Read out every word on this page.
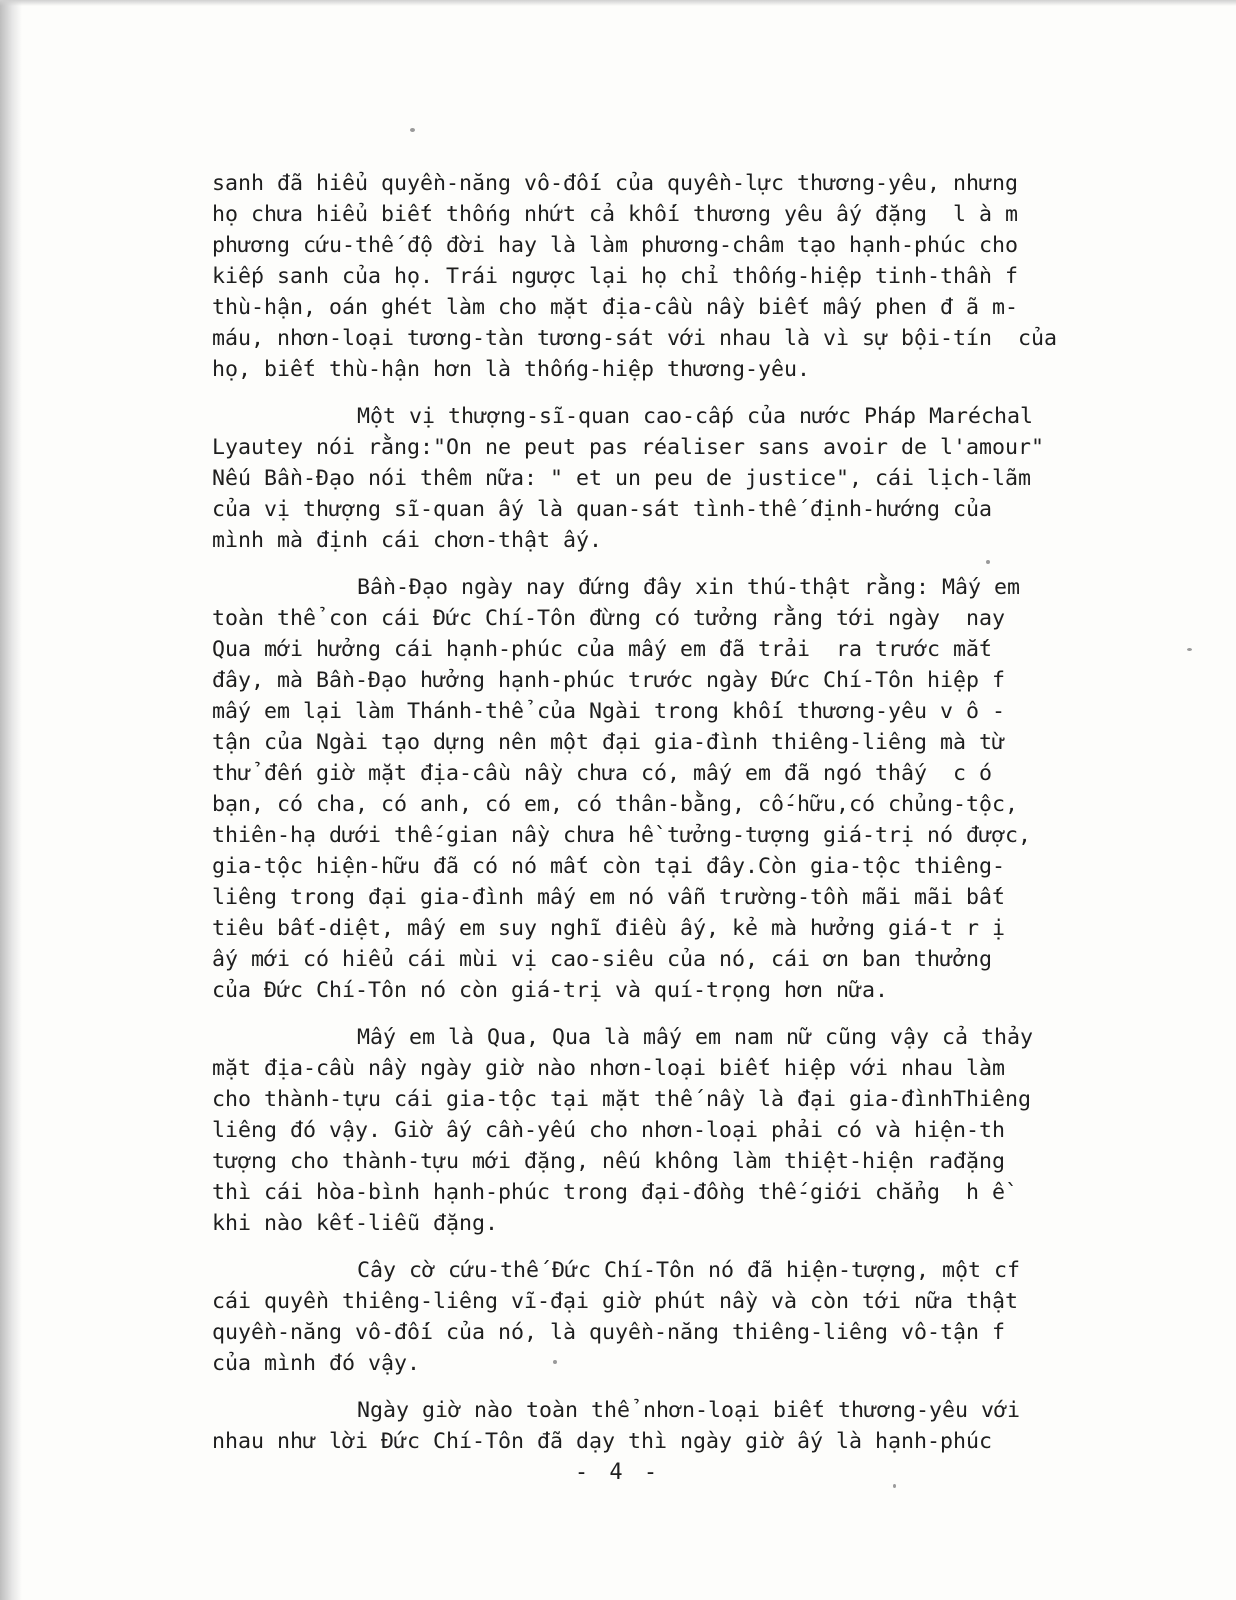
sanh đã hiểu quyền-năng vô-đối của quyền-lực thương-yêu, nhưng
họ chưa hiểu biết thống nhứt cả khối thương yêu ấy đặng  l à m
phương cứu-thế độ đời hay là làm phương-châm tạo hạnh-phúc cho
kiếp sanh của họ. Trái ngược lại họ chỉ thống-hiệp tinh-thần f
thù-hận, oán ghét làm cho mặt địa-cầu nầy biết mấy phen đ ã m-
máu, nhơn-loại tương-tàn tương-sát với nhau là vì sự bội-tín  của
họ, biết thù-hận hơn là thống-hiệp thương-yêu.
Một vị thượng-sĩ-quan cao-cấp của nước Pháp Maréchal
Lyautey nói rằng:"On ne peut pas réaliser sans avoir de l'amour"
Nếu Bần-Đạo nói thêm nữa: " et un peu de justice", cái lịch-lãm
của vị thượng sĩ-quan ấy là quan-sát tình-thế định-hướng của
mình mà định cái chơn-thật ấy.
Bần-Đạo ngày nay đứng đây xin thú-thật rằng: Mấy em
toàn thể con cái Đức Chí-Tôn đừng có tưởng rằng tới ngày  nay
Qua mới hưởng cái hạnh-phúc của mấy em đã trải  ra trước mắt
đây, mà Bần-Đạo hưởng hạnh-phúc trước ngày Đức Chí-Tôn hiệp f
mấy em lại làm Thánh-thể của Ngài trong khối thương-yêu v ô -
tận của Ngài tạo dựng nên một đại gia-đình thiêng-liêng mà từ
thử đến giờ mặt địa-cầu nầy chưa có, mấy em đã ngó thấy  c ó
bạn, có cha, có anh, có em, có thân-bằng, cố-hữu,có chủng-tộc,
thiên-hạ dưới thế-gian nầy chưa hề tưởng-tượng giá-trị nó được,
gia-tộc hiện-hữu đã có nó mất còn tại đây.Còn gia-tộc thiêng-
liêng trong đại gia-đình mấy em nó vẫn trường-tồn mãi mãi bất
tiêu bất-diệt, mấy em suy nghĩ điều ấy, kẻ mà hưởng giá-t r ị
ấy mới có hiểu cái mùi vị cao-siêu của nó, cái ơn ban thưởng
của Đức Chí-Tôn nó còn giá-trị và quí-trọng hơn nữa.
Mấy em là Qua, Qua là mấy em nam nữ cũng vậy cả thảy
mặt địa-cầu nầy ngày giờ nào nhơn-loại biết hiệp với nhau làm
cho thành-tựu cái gia-tộc tại mặt thế nầy là đại gia-đìnhThiêng
liêng đó vậy. Giờ ấy cần-yếu cho nhơn-loại phải có và hiện-th
tượng cho thành-tựu mới đặng, nếu không làm thiệt-hiện rađặng
thì cái hòa-bình hạnh-phúc trong đại-đồng thế-giới chẳng  h ề
khi nào kết-liễu đặng.
Cây cờ cứu-thế Đức Chí-Tôn nó đã hiện-tượng, một cf
cái quyền thiêng-liêng vĩ-đại giờ phút nầy và còn tới nữa thật
quyền-năng vô-đối của nó, là quyền-năng thiêng-liêng vô-tận f
của mình đó vậy.
Ngày giờ nào toàn thể nhơn-loại biết thương-yêu với
nhau như lời Đức Chí-Tôn đã dạy thì ngày giờ ấy là hạnh-phúc
- 4 -
